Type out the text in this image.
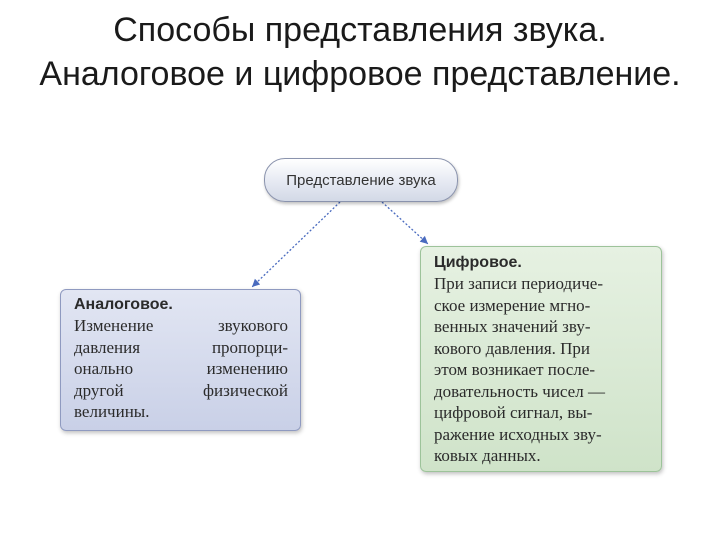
Способы представления звука.
Аналоговое и цифровое представление.
Представление звука
Аналоговое.
Изменение	звукового
давления	пропорци-
онально	изменению
другой	физической
величины.
Цифровое.
При записи периодиче-
ское измерение мгно-
венных значений зву-
кового давления. При
этом возникает после-
довательность чисел —
цифровой сигнал, вы-
ражение исходных зву-
ковых данных.
